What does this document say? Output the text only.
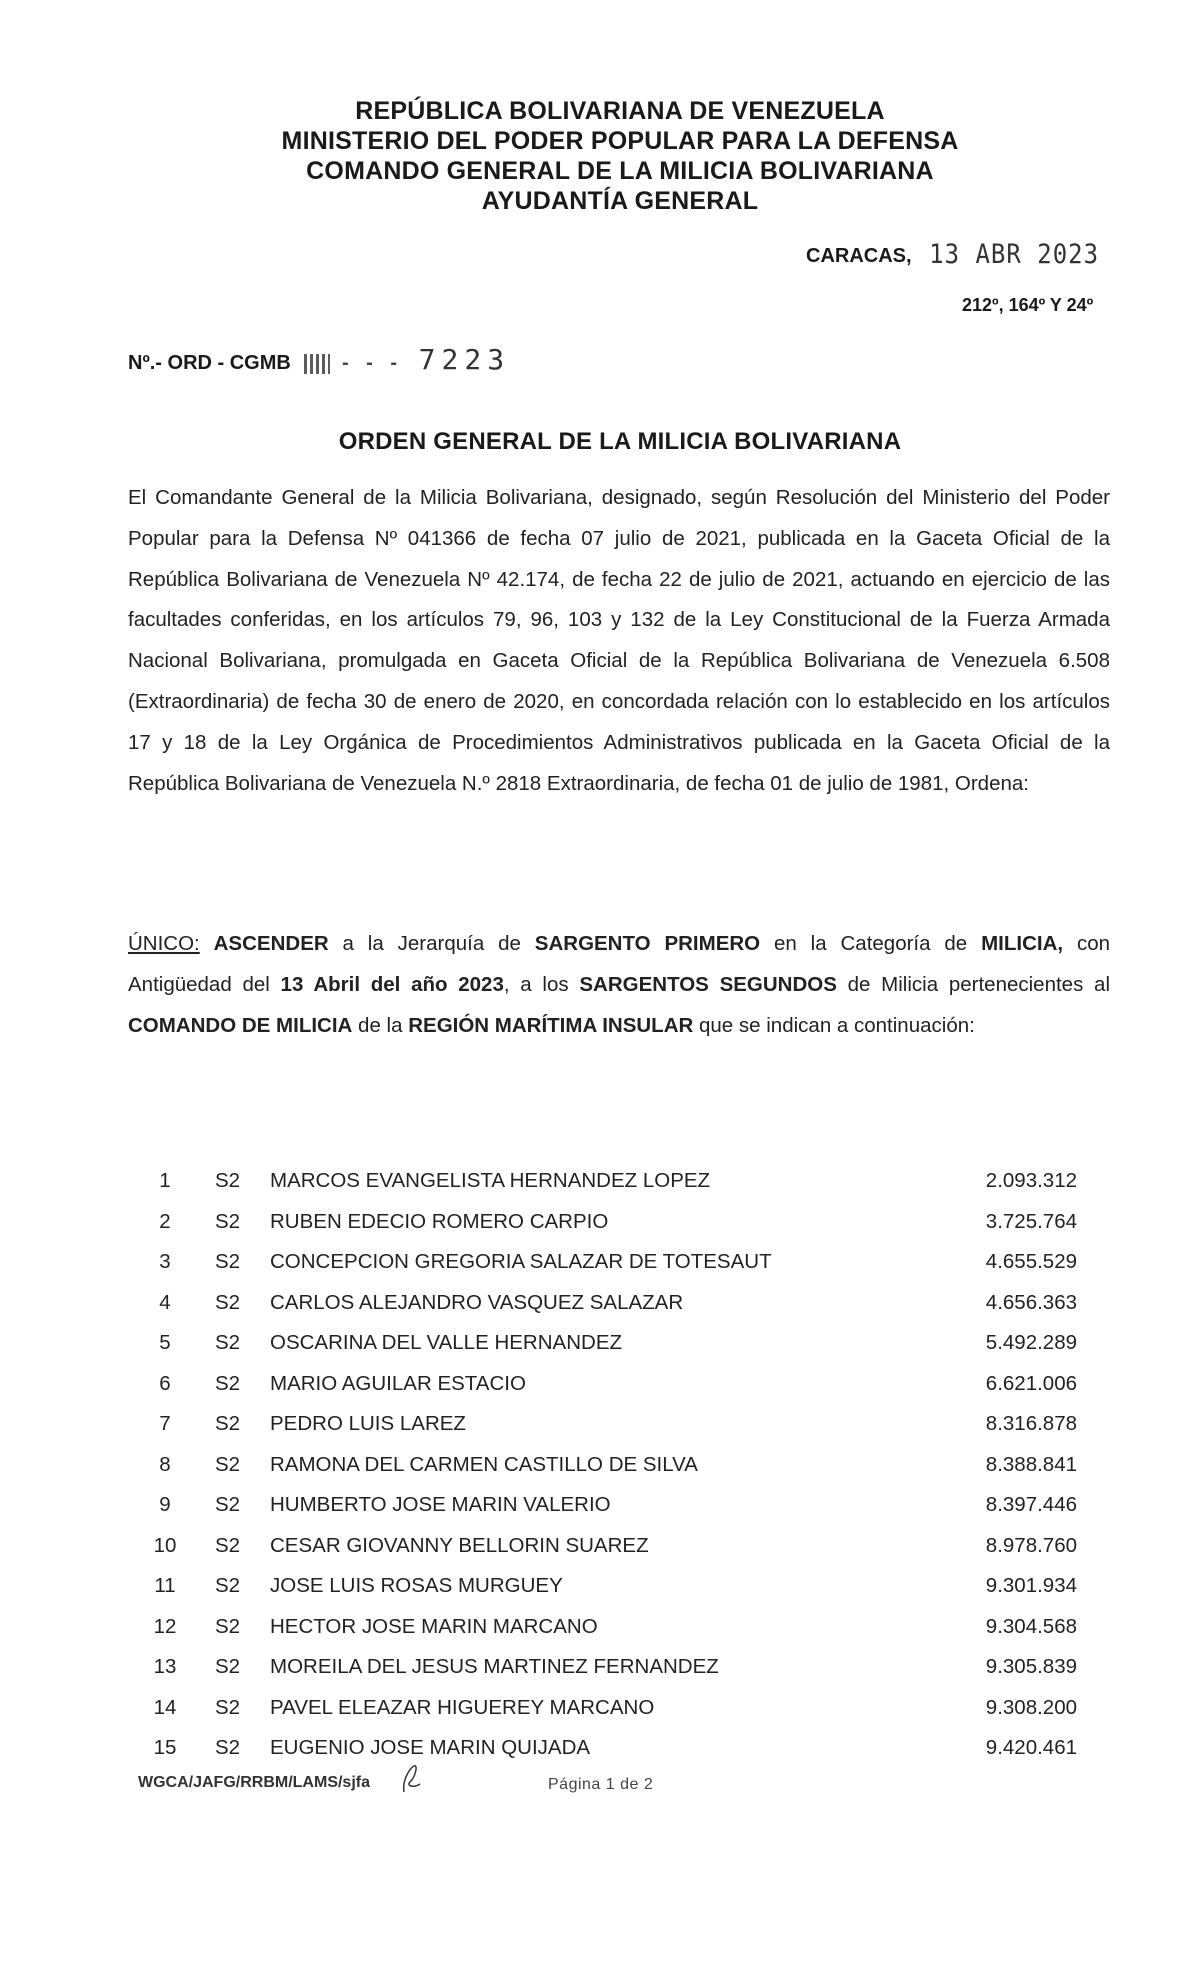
REPÚBLICA BOLIVARIANA DE VENEZUELA
MINISTERIO DEL PODER POPULAR PARA LA DEFENSA
COMANDO GENERAL DE LA MILICIA BOLIVARIANA
AYUDANTÍA GENERAL
CARACAS, 13 ABR 2023
212º, 164º Y 24º
Nº.- ORD - CGMB	- - - 7223
ORDEN GENERAL DE LA MILICIA BOLIVARIANA
El Comandante General de la Milicia Bolivariana, designado, según Resolución del Ministerio del Poder Popular para la Defensa Nº 041366 de fecha 07 julio de 2021, publicada en la Gaceta Oficial de la República Bolivariana de Venezuela Nº 42.174, de fecha 22 de julio de 2021, actuando en ejercicio de las facultades conferidas, en los artículos 79, 96, 103 y 132 de la Ley Constitucional de la Fuerza Armada Nacional Bolivariana, promulgada en Gaceta Oficial de la República Bolivariana de Venezuela 6.508 (Extraordinaria) de fecha 30 de enero de 2020, en concordada relación con lo establecido en los artículos 17 y 18 de la Ley Orgánica de Procedimientos Administrativos publicada en la Gaceta Oficial de la República Bolivariana de Venezuela N.º 2818 Extraordinaria, de fecha 01 de julio de 1981, Ordena:
ÚNICO: ASCENDER a la Jerarquía de SARGENTO PRIMERO en la Categoría de MILICIA, con Antigüedad del 13 Abril del año 2023, a los SARGENTOS SEGUNDOS de Milicia pertenecientes al COMANDO DE MILICIA de la REGIÓN MARÍTIMA INSULAR que se indican a continuación:
1	S2 MARCOS EVANGELISTA HERNANDEZ LOPEZ	2.093.312
2	S2 RUBEN EDECIO ROMERO CARPIO	3.725.764
3	S2 CONCEPCION GREGORIA SALAZAR DE TOTESAUT	4.655.529
4	S2 CARLOS ALEJANDRO VASQUEZ SALAZAR	4.656.363
5	S2 OSCARINA DEL VALLE HERNANDEZ	5.492.289
6	S2 MARIO AGUILAR ESTACIO	6.621.006
7	S2 PEDRO LUIS LAREZ	8.316.878
8	S2 RAMONA DEL CARMEN CASTILLO DE SILVA	8.388.841
9	S2 HUMBERTO JOSE MARIN VALERIO	8.397.446
10 S2 CESAR GIOVANNY BELLORIN SUAREZ	8.978.760
11 S2 JOSE LUIS ROSAS MURGUEY	9.301.934
12 S2 HECTOR JOSE MARIN MARCANO	9.304.568
13 S2 MOREILA DEL JESUS MARTINEZ FERNANDEZ	9.305.839
14 S2 PAVEL ELEAZAR HIGUEREY MARCANO	9.308.200
15 S2 EUGENIO JOSE MARIN QUIJADA	9.420.461
WGCA/JAFG/RRBM/LAMS/sjfa	Página 1 de 2
